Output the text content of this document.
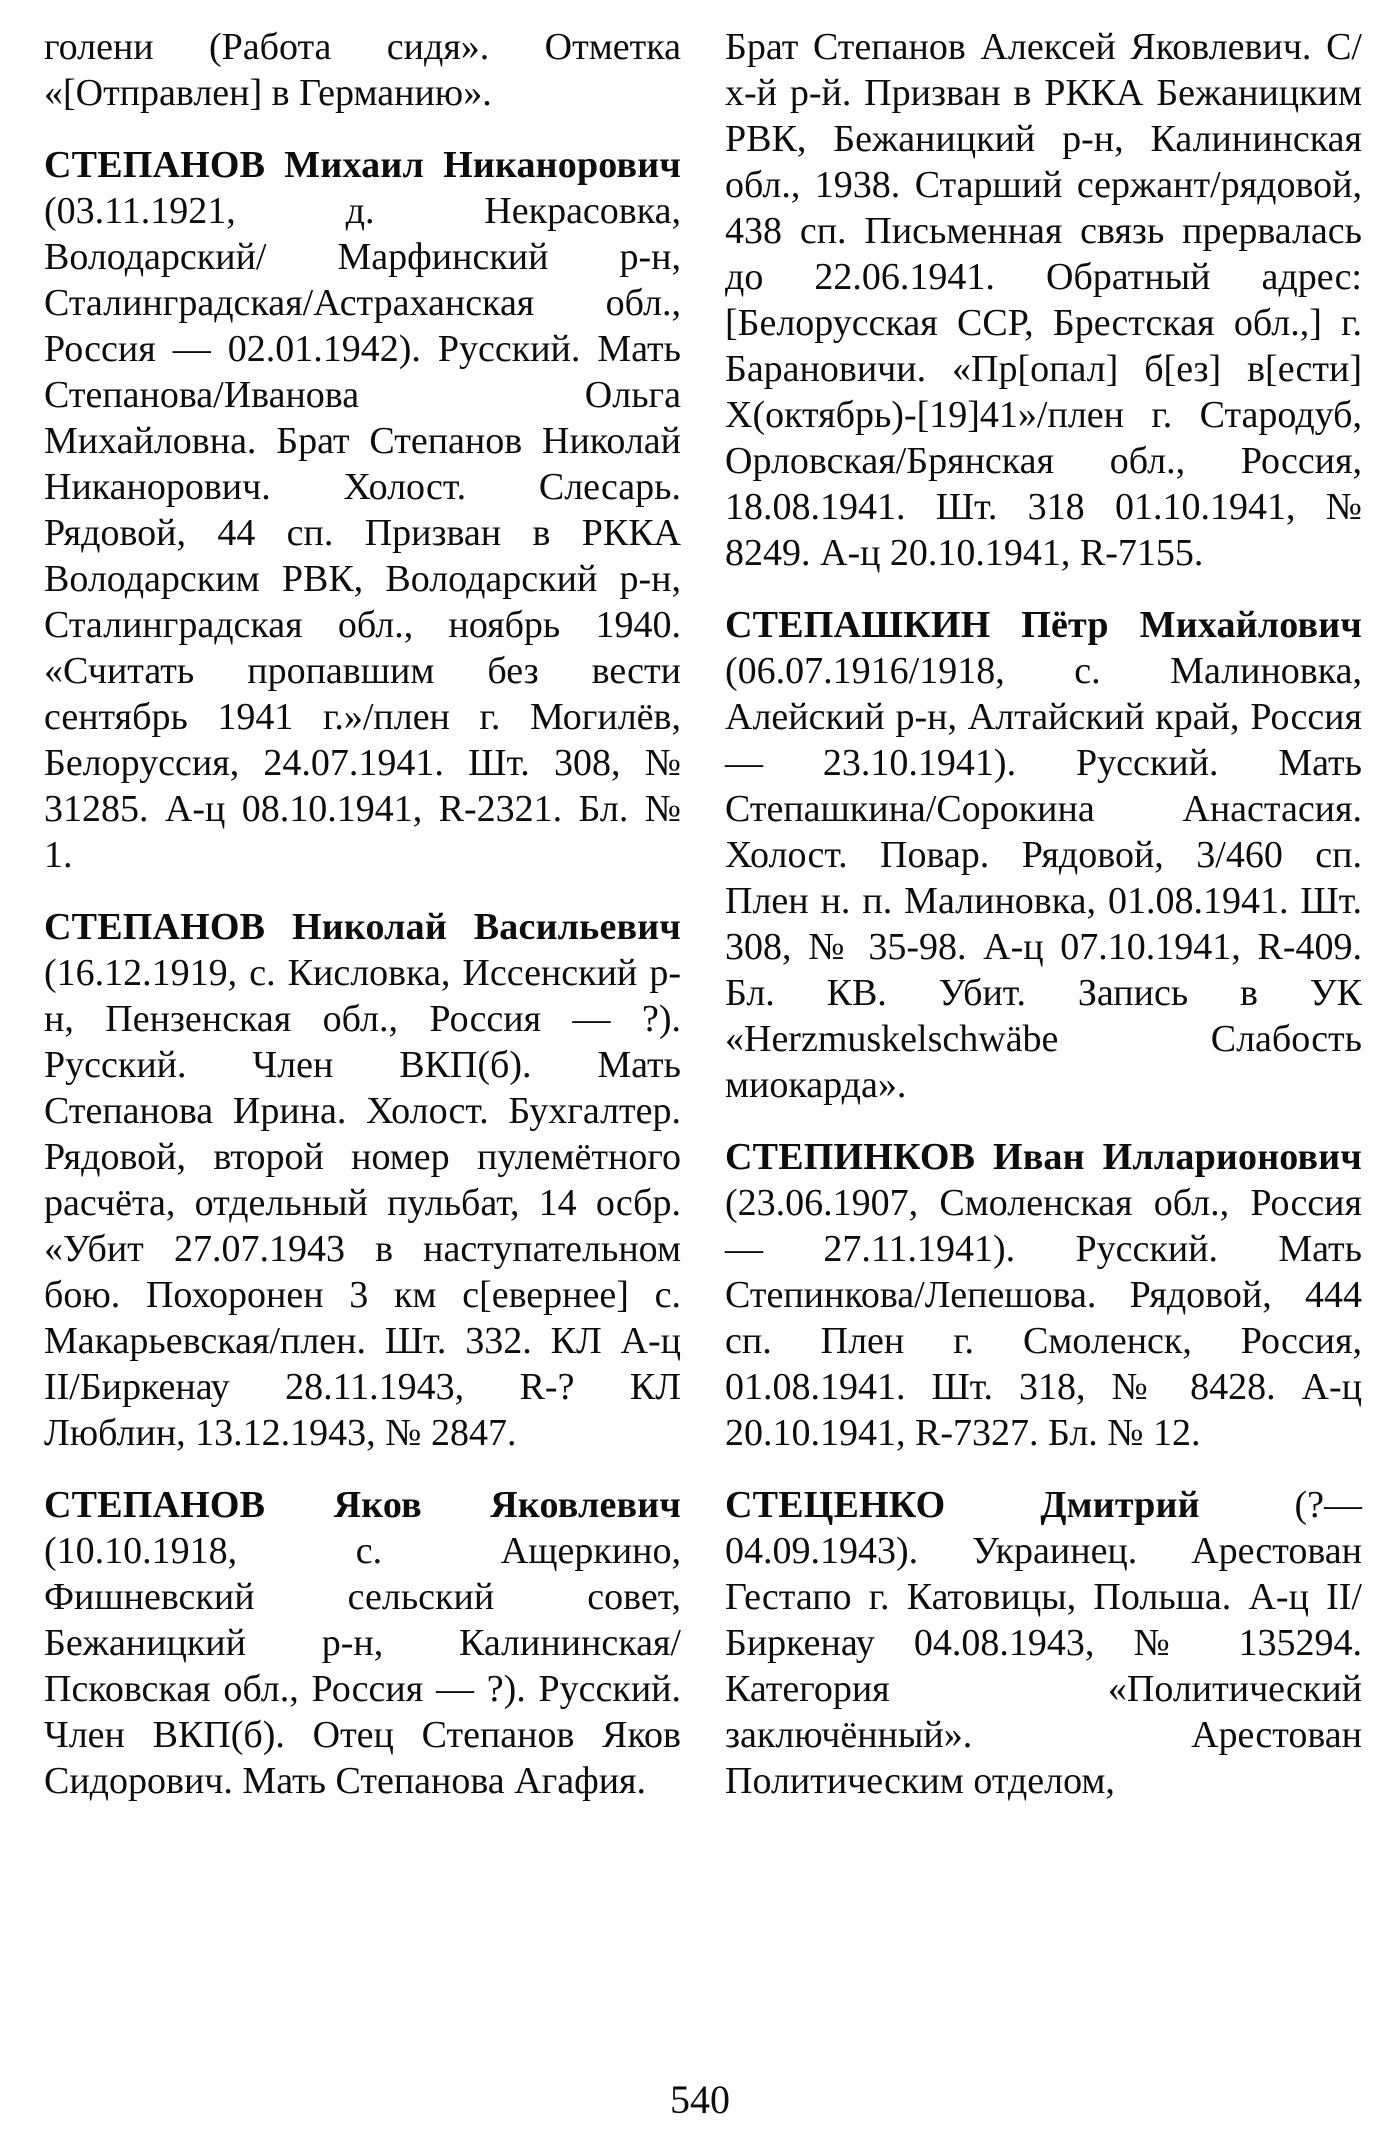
голени (Работа сидя». Отметка «[Отправлен] в Германию».

СТЕПАНОВ Михаил Никанорович (03.11.1921, д. Некрасовка, Володарский/ Марфинский р-н, Сталинградская/Астраханская обл., Россия — 02.01.1942). Русский. Мать Степанова/Иванова Ольга Михайловна. Брат Степанов Николай Никанорович. Холост. Слесарь. Рядовой, 44 сп. Призван в РККА Володарским РВК, Володарский р-н, Сталинградская обл., ноябрь 1940. «Считать пропавшим без вести сентябрь 1941 г.»/плен г. Могилёв, Белоруссия, 24.07.1941. Шт. 308, № 31285. А-ц 08.10.1941, R-2321. Бл. № 1.

СТЕПАНОВ Николай Васильевич (16.12.1919, с. Кисловка, Иссенский р-н, Пензенская обл., Россия — ?). Русский. Член ВКП(б). Мать Степанова Ирина. Холост. Бухгалтер. Рядовой, второй номер пулемётного расчёта, отдельный пульбат, 14 осбр. «Убит 27.07.1943 в наступательном бою. Похоронен 3 км с[евернее] с. Макарьевская/плен. Шт. 332. КЛ А-ц II/Биркенау 28.11.1943, R-? КЛ Люблин, 13.12.1943, № 2847.

СТЕПАНОВ Яков Яковлевич (10.10.1918, с. Ащеркино, Фишневский сельский совет, Бежаницкий р-н, Калининская/ Псковская обл., Россия — ?). Русский. Член ВКП(б). Отец Степанов Яков Сидорович. Мать Степанова Агафия.

Брат Степанов Алексей Яковлевич. С/х-й р-й. Призван в РККА Бежаницким РВК, Бежаницкий р-н, Калининская обл., 1938. Старший сержант/рядовой, 438 сп. Письменная связь прервалась до 22.06.1941. Обратный адрес: [Белорусская ССР, Брестская обл.,] г. Барановичи. «Пр[опал] б[ез] в[ести] Х(октябрь)-[19]41»/плен г. Стародуб, Орловская/Брянская обл., Россия, 18.08.1941. Шт. 318 01.10.1941, № 8249. А-ц 20.10.1941, R-7155.

СТЕПАШКИН Пётр Михайлович (06.07.1916/1918, с. Малиновка, Алейский р-н, Алтайский край, Россия — 23.10.1941). Русский. Мать Степашкина/Сорокина Анастасия. Холост. Повар. Рядовой, 3/460 сп. Плен н. п. Малиновка, 01.08.1941. Шт. 308, № 35-98. А-ц 07.10.1941, R-409. Бл. КВ. Убит. Запись в УК «Herzmuskelschwäbe Слабость миокарда».

СТЕПИНКОВ Иван Илларионович (23.06.1907, Смоленская обл., Россия — 27.11.1941). Русский. Мать Степинкова/Лепешова. Рядовой, 444 сп. Плен г. Смоленск, Россия, 01.08.1941. Шт. 318, № 8428. А-ц 20.10.1941, R-7327. Бл. № 12.

СТЕЦЕНКО Дмитрий (?—04.09.1943). Украинец. Арестован Гестапо г. Катовицы, Польша. А-ц II/Биркенау 04.08.1943, № 135294. Категория «Политический заключённый». Арестован Политическим отделом,

540
